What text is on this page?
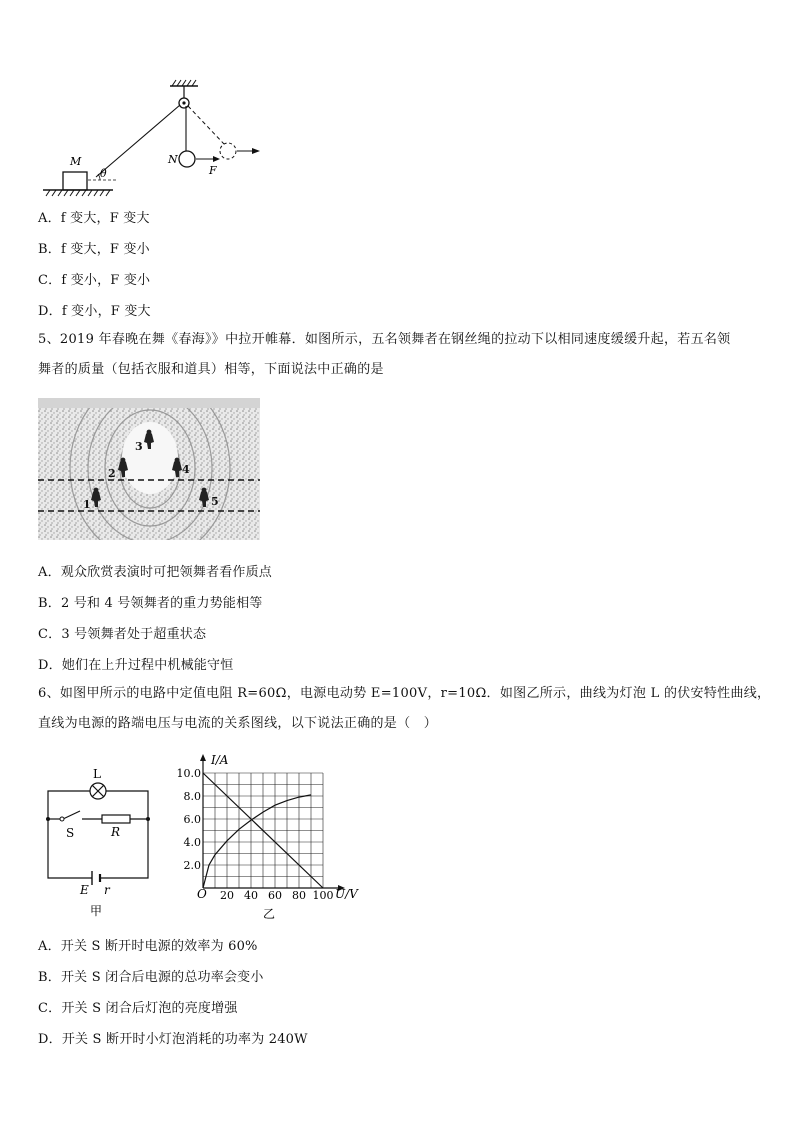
M
θ
N
F
A．f 变大，F 变大
B．f 变大，F 变小
C．f 变小，F 变小
D．f 变小，F 变大
5、2019 年春晚在舞《春海》》中拉开帷幕．如图所示，五名领舞者在钢丝绳的拉动下以相同速度缓缓升起，若五名领
舞者的质量（包括衣服和道具）相等，下面说法中正确的是
3
2	4
1	5
A．观众欣赏表演时可把领舞者看作质点
B．2 号和 4 号领舞者的重力势能相等
C．3 号领舞者处于超重状态
D．她们在上升过程中机械能守恒
6、如图甲所示的电路中定值电阻 R=60Ω，电源电动势 E=100V，r=10Ω．如图乙所示，曲线为灯泡 L 的伏安特性曲线，
直线为电源的路端电压与电流的关系图线，以下说法正确的是（　）
L
S	R
E r
甲
20 40 60 80 100
2.0
4.0
6.0
8.0
10.0
I/A
U/V
O
乙
A．开关 S 断开时电源的效率为 60%
B．开关 S 闭合后电源的总功率会变小
C．开关 S 闭合后灯泡的亮度增强
D．开关 S 断开时小灯泡消耗的功率为 240W
